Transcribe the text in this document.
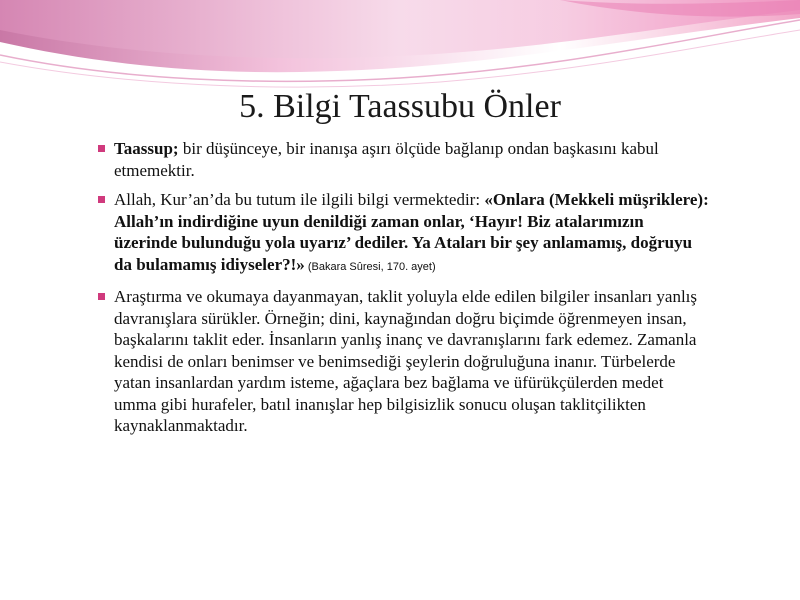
5. Bilgi Taassubu Önler
Taassup; bir düşünceye, bir inanışa aşırı ölçüde bağlanıp ondan başkasını kabul etmemektir.
Allah, Kur’an’da bu tutum ile ilgili bilgi vermektedir: «Onlara (Mekkeli müşriklere): Allah’ın indirdiğine uyun denildiği zaman onlar, ‘Hayır! Biz atalarımızın üzerinde bulunduğu yola uyarız’ dediler. Ya Ataları bir şey anlamamış, doğruyu da bulamamış idiyseler?!» (Bakara Sûresi, 170. ayet)
Araştırma ve okumaya dayanmayan, taklit yoluyla elde edilen bilgiler insanları yanlış davranışlara sürükler. Örneğin; dini, kaynağından doğru biçimde öğrenmeyen insan, başkalarını taklit eder. İnsanların yanlış inanç ve davranışlarını fark edemez. Zamanla kendisi de onları benimser ve benimsediği şeylerin doğruluğuna inanır. Türbelerde yatan insanlardan yardım isteme, ağaçlara bez bağlama ve üfürükçülerden medet umma gibi hurafeler, batıl inanışlar hep bilgisizlik sonucu oluşan taklitçilikten kaynaklanmaktadır.
